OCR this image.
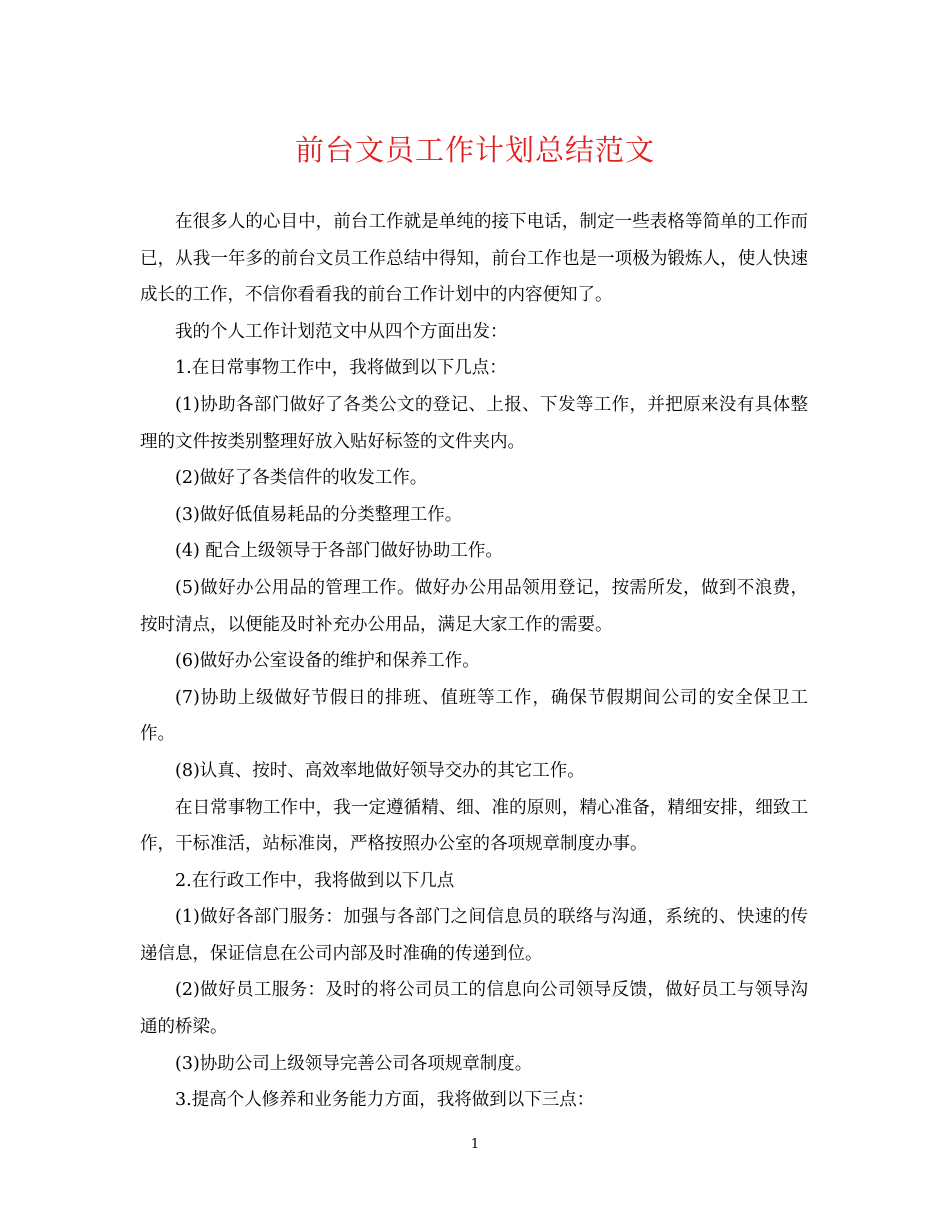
前台文员工作计划总结范文

在很多人的心目中，前台工作就是单纯的接下电话，制定一些表格等简单的工作而已，从我一年多的前台文员工作总结中得知，前台工作也是一项极为锻炼人，使人快速成长的工作，不信你看看我的前台工作计划中的内容便知了。

我的个人工作计划范文中从四个方面出发：

1.在日常事物工作中，我将做到以下几点：

(1)协助各部门做好了各类公文的登记、上报、下发等工作，并把原来没有具体整理的文件按类别整理好放入贴好标签的文件夹内。

(2)做好了各类信件的收发工作。

(3)做好低值易耗品的分类整理工作。

(4) 配合上级领导于各部门做好协助工作。

(5)做好办公用品的管理工作。做好办公用品领用登记，按需所发，做到不浪费，按时清点，以便能及时补充办公用品，满足大家工作的需要。

(6)做好办公室设备的维护和保养工作。

(7)协助上级做好节假日的排班、值班等工作，确保节假期间公司的安全保卫工作。

(8)认真、按时、高效率地做好领导交办的其它工作。

在日常事物工作中，我一定遵循精、细、准的原则，精心准备，精细安排，细致工作，干标准活，站标准岗，严格按照办公室的各项规章制度办事。

2.在行政工作中，我将做到以下几点

(1)做好各部门服务：加强与各部门之间信息员的联络与沟通，系统的、快速的传递信息，保证信息在公司内部及时准确的传递到位。

(2)做好员工服务：及时的将公司员工的信息向公司领导反馈，做好员工与领导沟通的桥梁。

(3)协助公司上级领导完善公司各项规章制度。

3.提高个人修养和业务能力方面，我将做到以下三点：

1
